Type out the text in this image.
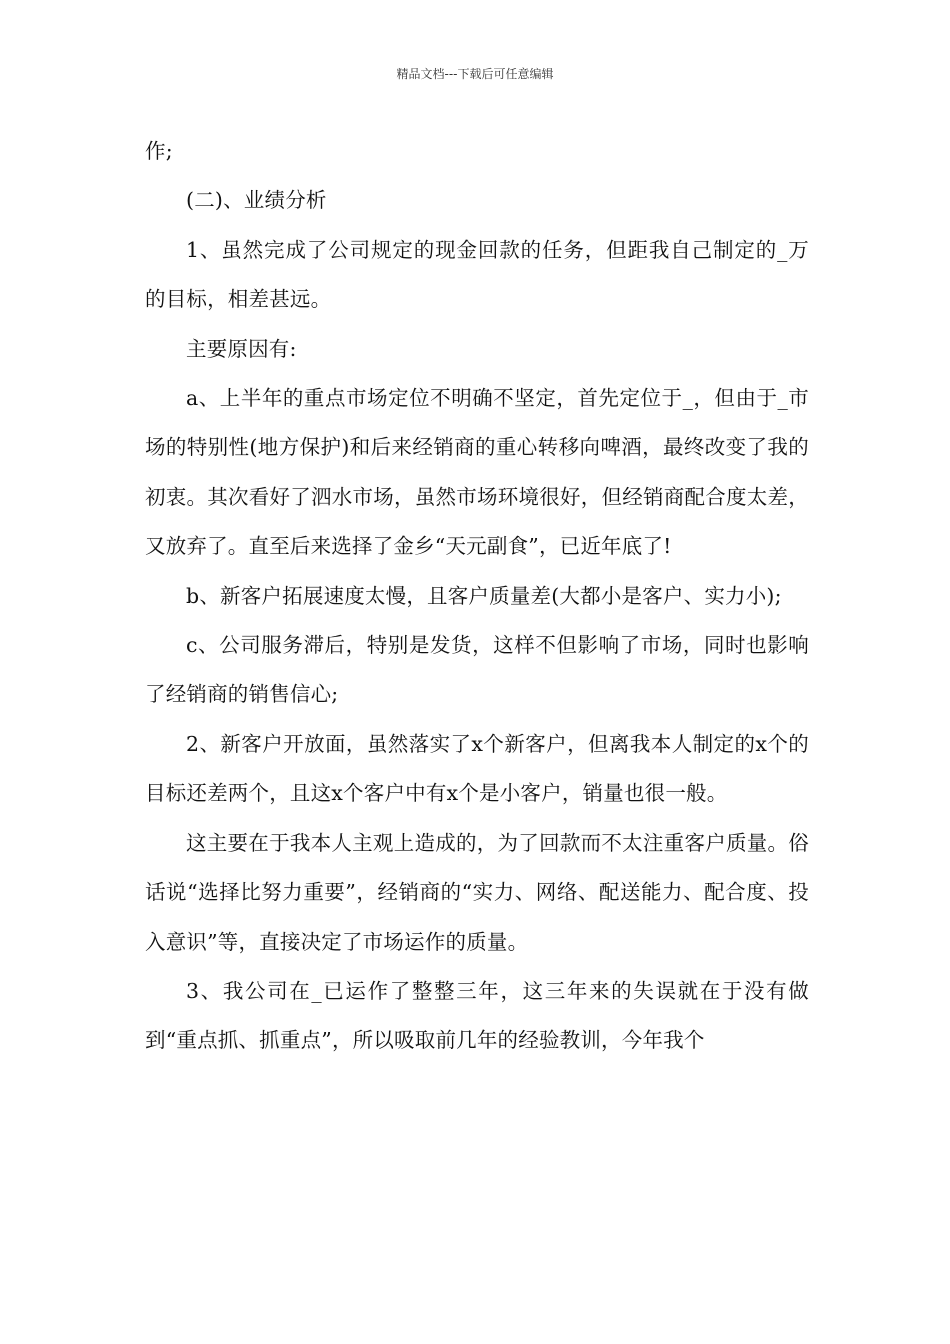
精品文档---下载后可任意编辑

作;

(二)、业绩分析

1、虽然完成了公司规定的现金回款的任务，但距我自己制定的_万的目标，相差甚远。

主要原因有:

a、上半年的重点市场定位不明确不坚定，首先定位于_，但由于_市场的特别性(地方保护)和后来经销商的重心转移向啤酒，最终改变了我的初衷。其次看好了泗水市场，虽然市场环境很好，但经销商配合度太差，又放弃了。直至后来选择了金乡“天元副食”，已近年底了!

b、新客户拓展速度太慢，且客户质量差(大都小是客户、实力小);

c、公司服务滞后，特别是发货，这样不但影响了市场，同时也影响了经销商的销售信心;

2、新客户开放面，虽然落实了x个新客户，但离我本人制定的x个的目标还差两个，且这x个客户中有x个是小客户，销量也很一般。

这主要在于我本人主观上造成的，为了回款而不太注重客户质量。俗话说“选择比努力重要”，经销商的“实力、网络、配送能力、配合度、投入意识”等，直接决定了市场运作的质量。

3、我公司在_已运作了整整三年，这三年来的失误就在于没有做到“重点抓、抓重点”，所以吸取前几年的经验教训，今年我个
